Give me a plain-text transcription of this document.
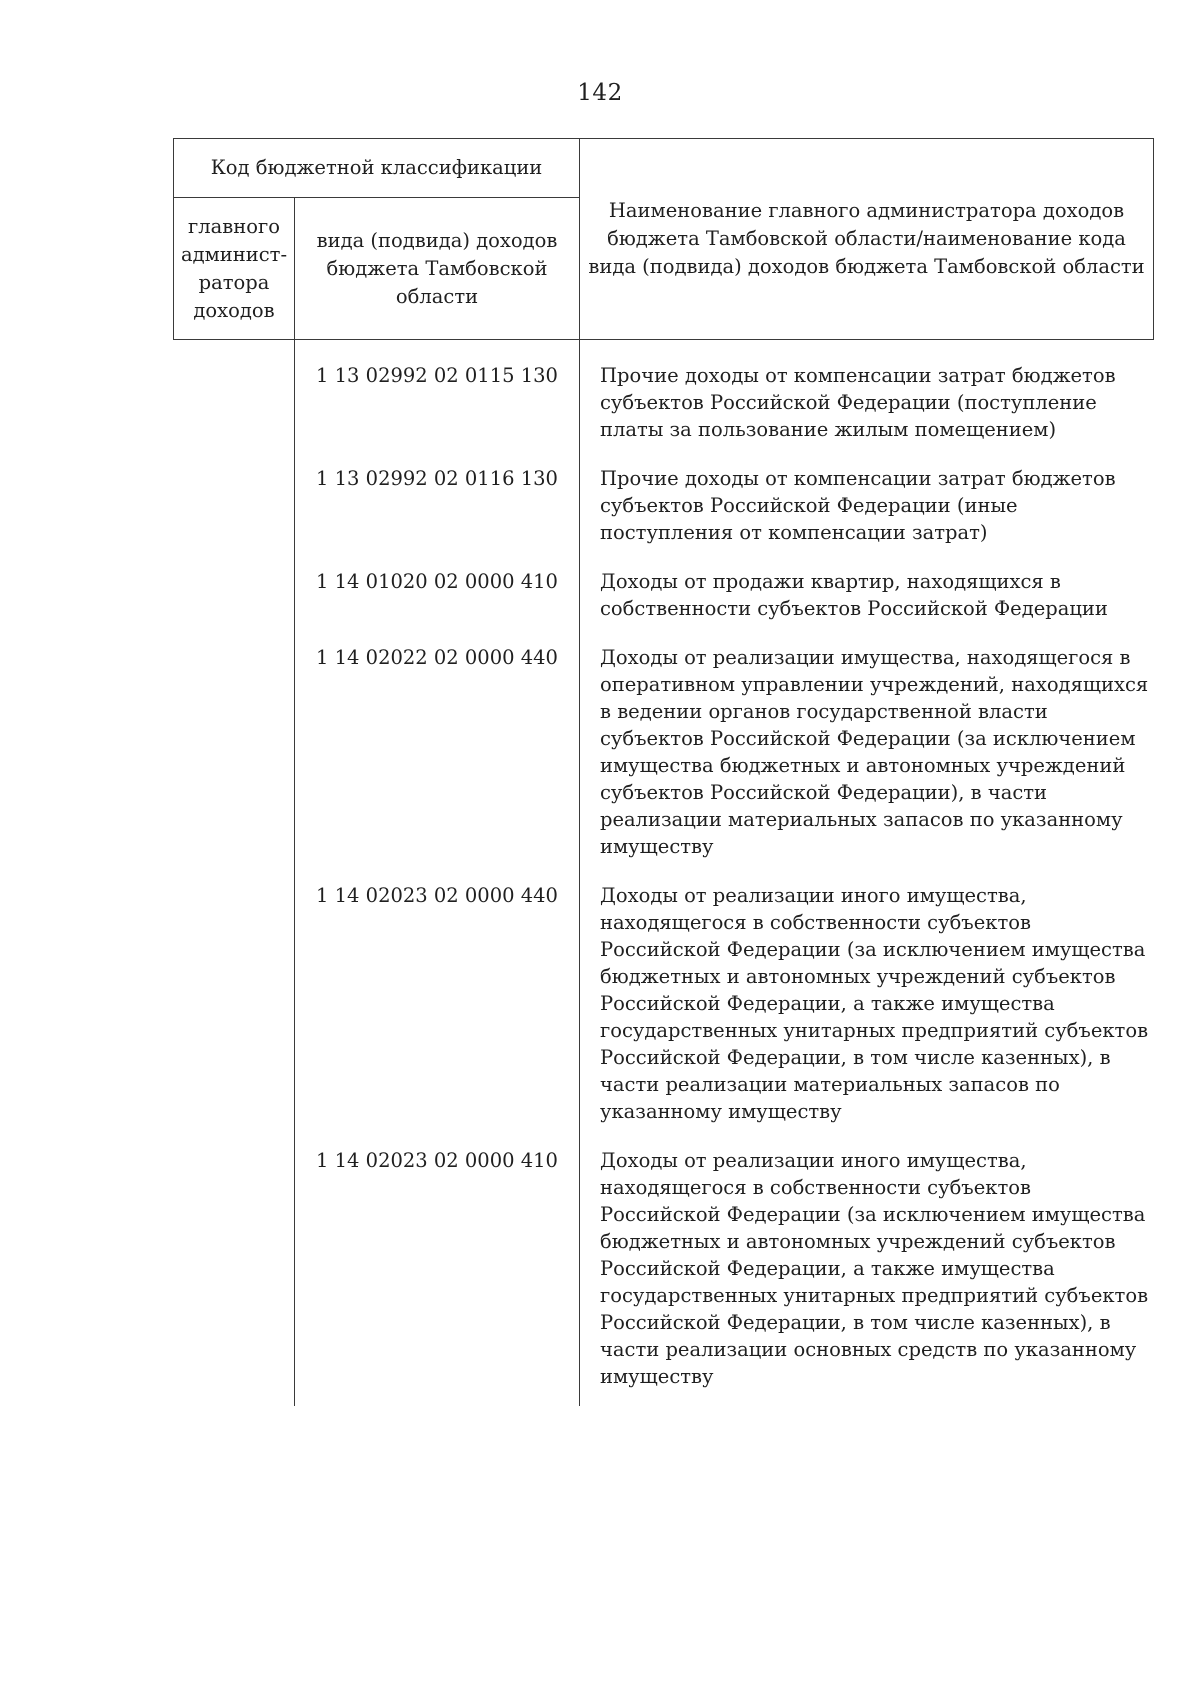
142
Код бюджетной классификации		Наименование главного администратора доходов бюджета Тамбовской области/наименование кода вида (подвида) доходов бюджета Тамбовской области
главного админист-ратора доходов	вида (подвида) доходов бюджета Тамбовской области	
	1 13 02992 02 0115 130	Прочие доходы от компенсации затрат бюджетов субъектов Российской Федерации (поступление платы за пользование жилым помещением)
	1 13 02992 02 0116 130	Прочие доходы от компенсации затрат бюджетов субъектов Российской Федерации (иные поступления от компенсации затрат)
	1 14 01020 02 0000 410	Доходы от продажи квартир, находящихся в собственности субъектов Российской Федерации
	1 14 02022 02 0000 440	Доходы от реализации имущества, находящегося в оперативном управлении учреждений, находящихся в ведении органов государственной власти субъектов Российской Федерации (за исключением имущества бюджетных и автономных учреждений субъектов Российской Федерации), в части реализации материальных запасов по указанному имуществу
	1 14 02023 02 0000 440	Доходы от реализации иного имущества, находящегося в собственности субъектов Российской Федерации (за исключением имущества бюджетных и автономных учреждений субъектов Российской Федерации, а также имущества государственных унитарных предприятий субъектов Российской Федерации, в том числе казенных), в части реализации материальных запасов по указанному имуществу
	1 14 02023 02 0000 410	Доходы от реализации иного имущества, находящегося в собственности субъектов Российской Федерации (за исключением имущества бюджетных и автономных учреждений субъектов Российской Федерации, а также имущества государственных унитарных предприятий субъектов Российской Федерации, в том числе казенных), в части реализации основных средств по указанному имуществу
